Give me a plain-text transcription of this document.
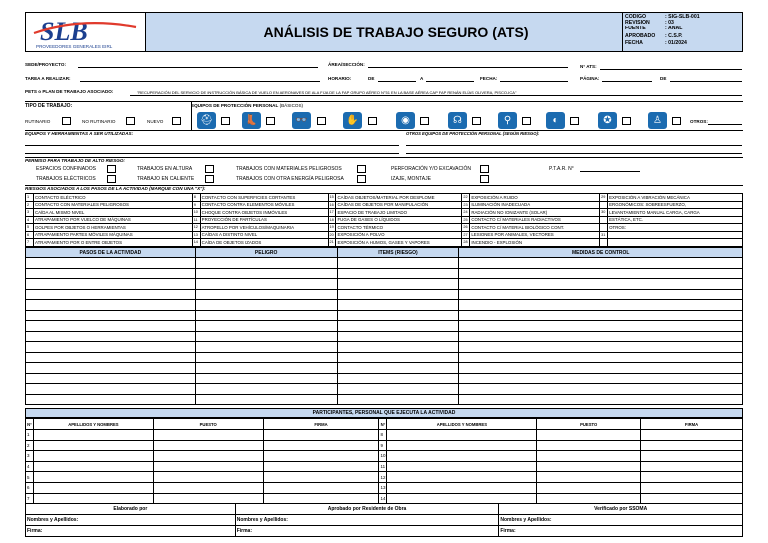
SLB
PROVEEDORES GENERALES EIRL
ANÁLISIS DE TRABAJO SEGURO (ATS)
CODIGO	: SIG-SLB-001
REVISION	: 03
FUENTE	: ANAL
APROBADO	: C.S.P.
FECHA	: 01/2024
SEDE/PROYECTO:	ÁREA/SECCIÓN:	N° ATS:
TAREA A REALIZAR:	HORARIO:	DE	A	FECHA:	PÁGINA:	DE
PETS o PLAN DE TRABAJO ASOCIADO:	"RECUPERACIÓN DEL SERVICIO DE INSTRUCCIÓN BÁSICA DE VUELO EN AERONAVES DE ALA FIJA DE LA FAP GRUPO AÉREO N°51 EN LA BASE AÉREA CAP FAP RENÁN ELÍAS OLIVERA, PISCO-ICA"
TIPO DE TRABAJO:
RUTINARIO	NO RUTINARIO	NUEVO
EQUIPOS DE PROTECCIÓN PERSONAL (BÁSICOS)
⛑	👢	👓	✋	◉	☊	⚲	◐	✪	♙	OTROS:
EQUIPOS Y HERRAMIENTAS A SER UTILIZADAS:	OTROS EQUIPOS DE PROTECCIÓN PERSONAL (SEGÚN RIESGO):
PERMISO PARA TRABAJO DE ALTO RIESGO:
ESPACIOS CONFINADOS
TRABAJOS ELÉCTRICOS
TRABAJOS EN ALTURA
TRABAJO EN CALIENTE
TRABAJOS CON MATERIALES PELIGROSOS
TRABAJOS CON OTRA ENERGÍA PELIGROSA
PERFORACIÓN Y/O EXCAVACIÓN
IZAJE, MONTAJE
P.T.A.R. N°
RIESGOS ASOCIADOS A LOS PASOS DE LA ACTIVIDAD (MARQUE CON UNA "X"):
1	CONTACTO ELÉCTRICO	8	CONTACTO CON SUPERFICIES CORTANTES	15	CAÍDAS OBJETOS/MATERIAL POR DESPLOME	22	EXPOSICIÓN A RUIDO	29	EXPOSICIÓN A VIBRACIÓN MECÁNICA
2	CONTACTO CON MATERIALES PELIGROSOS	9	CONTACTO CONTRA ELEMENTOS MÓVILES	16	CAÍDAS DE OBJETOS POR MANIPULACIÓN	23	ILUMINACIÓN INADECUADA		ERGONÓMICOS: SOBREESFUERZO,
3	CAÍDA AL MISMO NIVEL	10	CHOQUE CONTRA OBJETOS INMÓVILES	17	ESPACIO DE TRABAJO LIMITADO	24	RADIACIÓN NO IONIZANTE (SOLAR)	30	LEVANTAMIENTO MANUAL CARGA, CARGA
4	ATRAPAMIENTO POR VUELCO DE MÁQUINAS	11	PROYECCIÓN DE PARTÍCULAS	18	FUGA DE GASES O LÍQUIDOS	25	CONTACTO C/ MATERIALES RADIACTIVOS		ESTÁTICA, ETC.
5	GOLPES POR OBJETOS O HERRAMIENTAS	12	ATROPELLO POR VEHÍCULOS/MAQUINARIA	19	CONTACTO TÉRMICO	26	CONTACTO C/ MATERIAL BIOLÓGICO CONT.		OTROS:
6	ATRAPAMIENTO PARTES MÓVILES MÁQUINAS	13	CAÍDAS A DISTINTO NIVEL	20	EXPOSICIÓN A POLVO	27	LESIONES POR ANIMALES, VECTORES	31	
7	ATRAPAMIENTO POR O ENTRE OBJETOS	14	CAÍDA DE OBJETOS IZADOS	21	EXPOSICIÓN A HUMOS, GASES Y VAPORES	28	INCENDIO - EXPLOSIÓN		
PASOS DE LA ACTIVIDAD	PELIGRO	ITEMS (RIESGO)	MEDIDAS DE CONTROL

PARTICIPANTES, PERSONAL QUE EJECUTA LA ACTIVIDAD
N°	APELLIDOS Y NOMBRES	PUESTO	FIRMA	N°	APELLIDOS Y NOMBRES	PUESTO	FIRMA
1				8			
2				9			
3				10			
4				11			
5				12			
6				13			
7				14			
Elaborado por	Aprobado por Residente de Obra	Verificado por SSOMA
Nombres y Apellidos:	Nombres y Apellidos:	Nombres y Apellidos:
Firma:	Firma:	Firma:
